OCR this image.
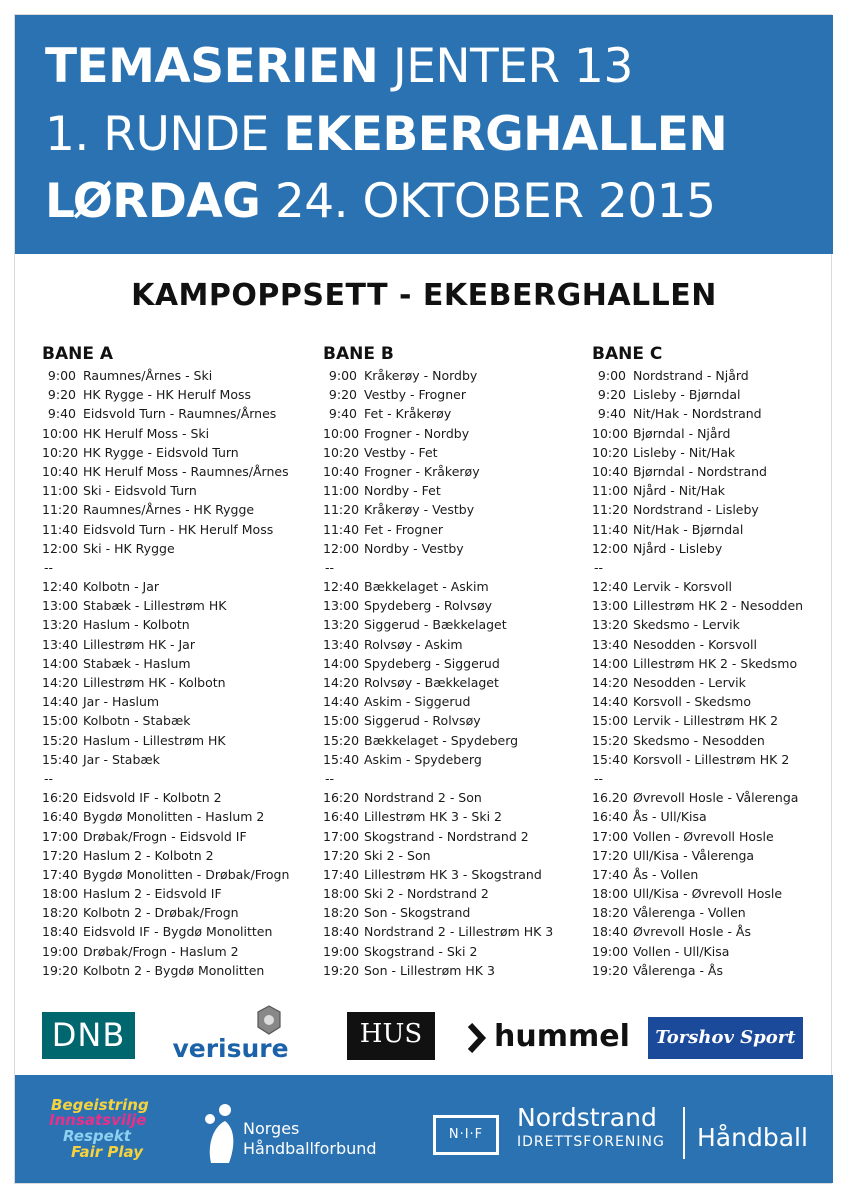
TEMASERIEN JENTER 13
1. RUNDE EKEBERGHALLEN
LØRDAG 24. OKTOBER 2015
KAMPOPPSETT - EKEBERGHALLEN
BANE A
9:00 Raumnes/Årnes - Ski
9:20 HK Rygge - HK Herulf Moss
9:40 Eidsvold Turn - Raumnes/Årnes
10:00 HK Herulf Moss - Ski
10:20 HK Rygge - Eidsvold Turn
10:40 HK Herulf Moss - Raumnes/Årnes
11:00 Ski - Eidsvold Turn
11:20 Raumnes/Årnes - HK Rygge
11:40 Eidsvold Turn - HK Herulf Moss
12:00 Ski - HK Rygge
--
12:40 Kolbotn - Jar
13:00 Stabæk - Lillestrøm HK
13:20 Haslum - Kolbotn
13:40 Lillestrøm HK - Jar
14:00 Stabæk - Haslum
14:20 Lillestrøm HK - Kolbotn
14:40 Jar - Haslum
15:00 Kolbotn - Stabæk
15:20 Haslum - Lillestrøm HK
15:40 Jar - Stabæk
--
16:20 Eidsvold IF - Kolbotn 2
16:40 Bygdø Monolitten - Haslum 2
17:00 Drøbak/Frogn - Eidsvold IF
17:20 Haslum 2 - Kolbotn 2
17:40 Bygdø Monolitten - Drøbak/Frogn
18:00 Haslum 2 - Eidsvold IF
18:20 Kolbotn 2 - Drøbak/Frogn
18:40 Eidsvold IF - Bygdø Monolitten
19:00 Drøbak/Frogn - Haslum 2
19:20 Kolbotn 2 - Bygdø Monolitten
BANE B
9:00 Kråkerøy - Nordby
9:20 Vestby - Frogner
9:40 Fet - Kråkerøy
10:00 Frogner - Nordby
10:20 Vestby - Fet
10:40 Frogner - Kråkerøy
11:00 Nordby - Fet
11:20 Kråkerøy - Vestby
11:40 Fet - Frogner
12:00 Nordby - Vestby
--
12:40 Bækkelaget - Askim
13:00 Spydeberg - Rolvsøy
13:20 Siggerud - Bækkelaget
13:40 Rolvsøy - Askim
14:00 Spydeberg - Siggerud
14:20 Rolvsøy - Bækkelaget
14:40 Askim - Siggerud
15:00 Siggerud - Rolvsøy
15:20 Bækkelaget - Spydeberg
15:40 Askim - Spydeberg
--
16:20 Nordstrand 2 - Son
16:40 Lillestrøm HK 3 - Ski 2
17:00 Skogstrand - Nordstrand 2
17:20 Ski 2 - Son
17:40 Lillestrøm HK 3 - Skogstrand
18:00 Ski 2 - Nordstrand 2
18:20 Son - Skogstrand
18:40 Nordstrand 2 - Lillestrøm HK 3
19:00 Skogstrand - Ski 2
19:20 Son - Lillestrøm HK 3
BANE C
9:00 Nordstrand - Njård
9:20 Lisleby - Bjørndal
9:40 Nit/Hak - Nordstrand
10:00 Bjørndal - Njård
10:20 Lisleby - Nit/Hak
10:40 Bjørndal - Nordstrand
11:00 Njård - Nit/Hak
11:20 Nordstrand - Lisleby
11:40 Nit/Hak - Bjørndal
12:00 Njård - Lisleby
--
12:40 Lervik - Korsvoll
13:00 Lillestrøm HK 2 - Nesodden
13:20 Skedsmo - Lervik
13:40 Nesodden - Korsvoll
14:00 Lillestrøm HK 2 - Skedsmo
14:20 Nesodden - Lervik
14:40 Korsvoll - Skedsmo
15:00 Lervik - Lillestrøm HK 2
15:20 Skedsmo - Nesodden
15:40 Korsvoll - Lillestrøm HK 2
--
16.20 Øvrevoll Hosle - Vålerenga
16:40 Ås - Ull/Kisa
17:00 Vollen - Øvrevoll Hosle
17:20 Ull/Kisa - Vålerenga
17:40 Ås - Vollen
18:00 Ull/Kisa - Øvrevoll Hosle
18:20 Vålerenga - Vollen
18:40 Øvrevoll Hosle - Ås
19:00 Vollen - Ull/Kisa
19:20 Vålerenga - Ås
DNB	verisure	HUS	hummel	Torshov Sport
Begeistring
Innsatsvilje
Respekt
Fair Play
Norges
Håndballforbund
N·I·F
Nordstrand
IDRETTSFORENING Håndball
